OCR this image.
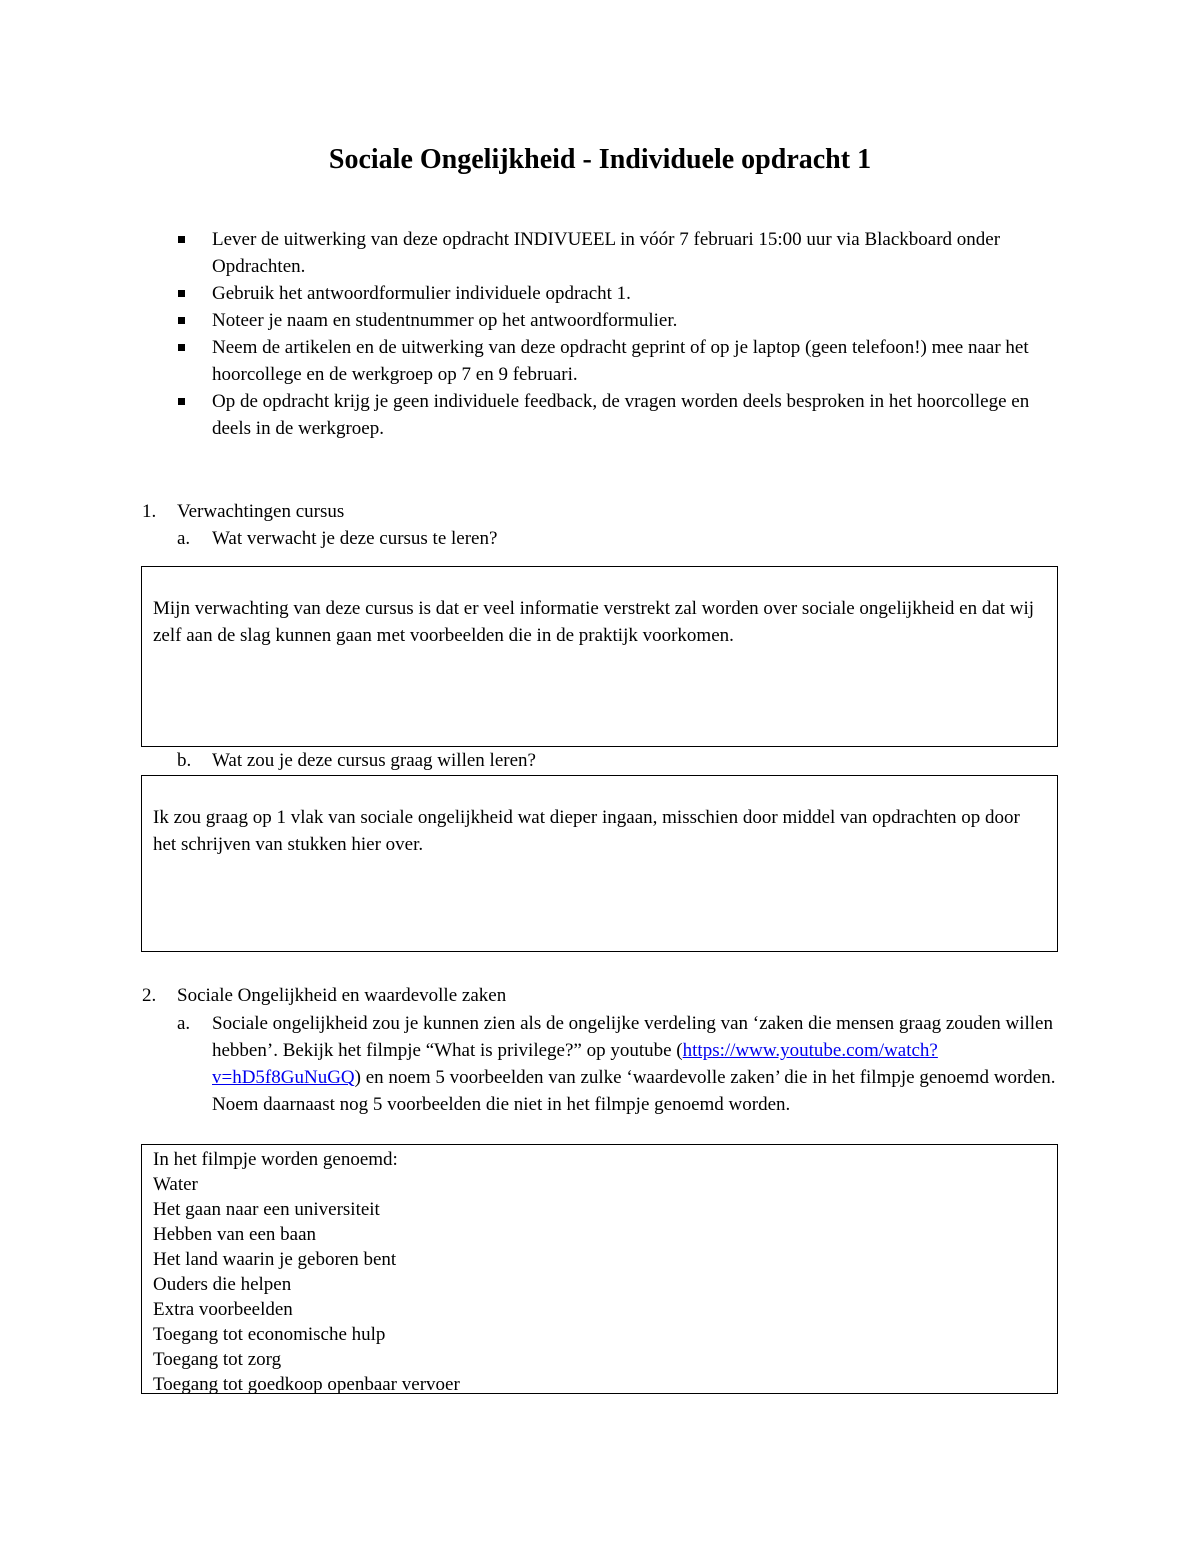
Sociale Ongelijkheid - Individuele opdracht 1
Lever de uitwerking van deze opdracht INDIVUEEL in vóór 7 februari 15:00 uur via Blackboard onder Opdrachten.
Gebruik het antwoordformulier individuele opdracht 1.
Noteer je naam en studentnummer op het antwoordformulier.
Neem de artikelen en de uitwerking van deze opdracht geprint of op je laptop (geen telefoon!) mee naar het hoorcollege en de werkgroep op 7 en 9 februari.
Op de opdracht krijg je geen individuele feedback, de vragen worden deels besproken in het hoorcollege en deels in de werkgroep.
1. Verwachtingen cursus
a. Wat verwacht je deze cursus te leren?

Mijn verwachting van deze cursus is dat er veel informatie verstrekt zal worden over sociale ongelijkheid en dat wij zelf aan de slag kunnen gaan met voorbeelden die in de praktijk voorkomen.

b. Wat zou je deze cursus graag willen leren?

Ik zou graag op 1 vlak van sociale ongelijkheid wat dieper ingaan, misschien door middel van opdrachten op door het schrijven van stukken hier over.

2. Sociale Ongelijkheid en waardevolle zaken
a. Sociale ongelijkheid zou je kunnen zien als de ongelijke verdeling van ‘zaken die mensen graag zouden willen hebben’. Bekijk het filmpje “What is privilege?” op youtube (https://www.youtube.com/watch?v=hD5f8GuNuGQ) en noem 5 voorbeelden van zulke ‘waardevolle zaken’ die in het filmpje genoemd worden. Noem daarnaast nog 5 voorbeelden die niet in het filmpje genoemd worden.

In het filmpje worden genoemd:

Water

Het gaan naar een universiteit

Hebben van een baan

Het land waarin je geboren bent

Ouders die helpen

Extra voorbeelden

Toegang tot economische hulp

Toegang tot zorg

Toegang tot goedkoop openbaar vervoer
